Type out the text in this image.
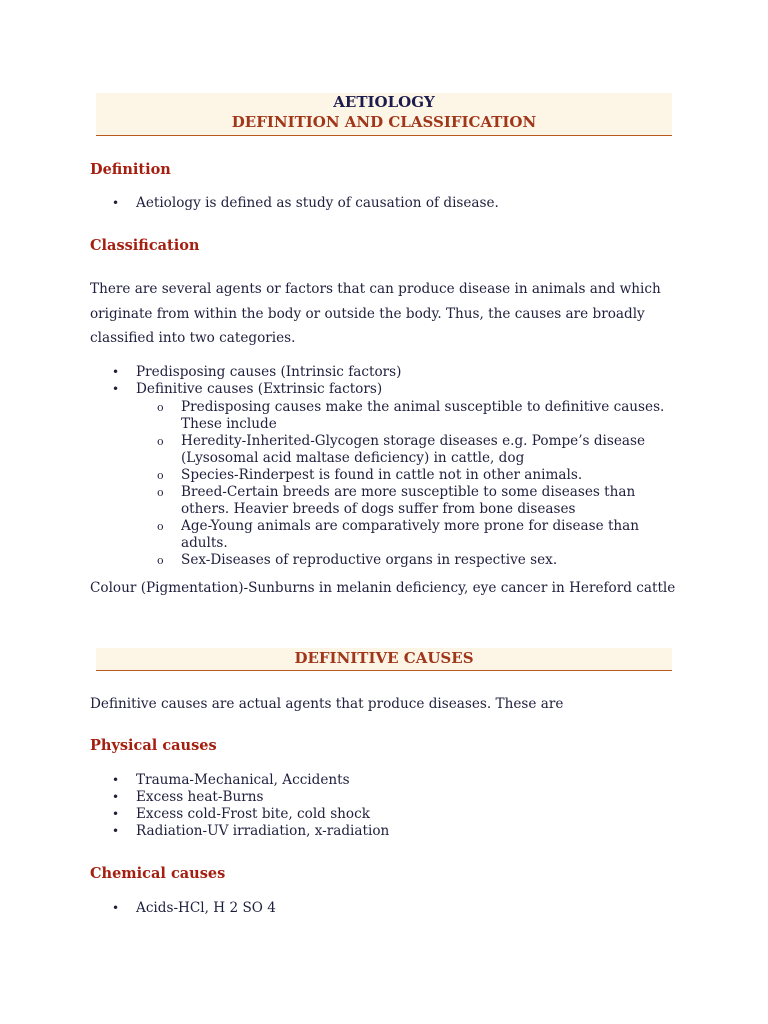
AETIOLOGY
DEFINITION AND CLASSIFICATION
Definition
• Aetiology is defined as study of causation of disease.
Classification

There are several agents or factors that can produce disease in animals and which originate from within the body or outside the body. Thus, the causes are broadly classified into two categories.

• Predisposing causes (Intrinsic factors)
• Definitive causes (Extrinsic factors)
o Predisposing causes make the animal susceptible to definitive causes. These include
o Heredity-Inherited-Glycogen storage diseases e.g. Pompe’s disease (Lysosomal acid maltase deficiency) in cattle, dog
o Species-Rinderpest is found in cattle not in other animals.
o Breed-Certain breeds are more susceptible to some diseases than others. Heavier breeds of dogs suffer from bone diseases
o Age-Young animals are comparatively more prone for disease than adults.
o Sex-Diseases of reproductive organs in respective sex.

Colour (Pigmentation)-Sunburns in melanin deficiency, eye cancer in Hereford cattle

DEFINITIVE CAUSES

Definitive causes are actual agents that produce diseases. These are

Physical causes
• Trauma-Mechanical, Accidents
• Excess heat-Burns
• Excess cold-Frost bite, cold shock
• Radiation-UV irradiation, x-radiation
Chemical causes
• Acids-HCl, H 2 SO 4
